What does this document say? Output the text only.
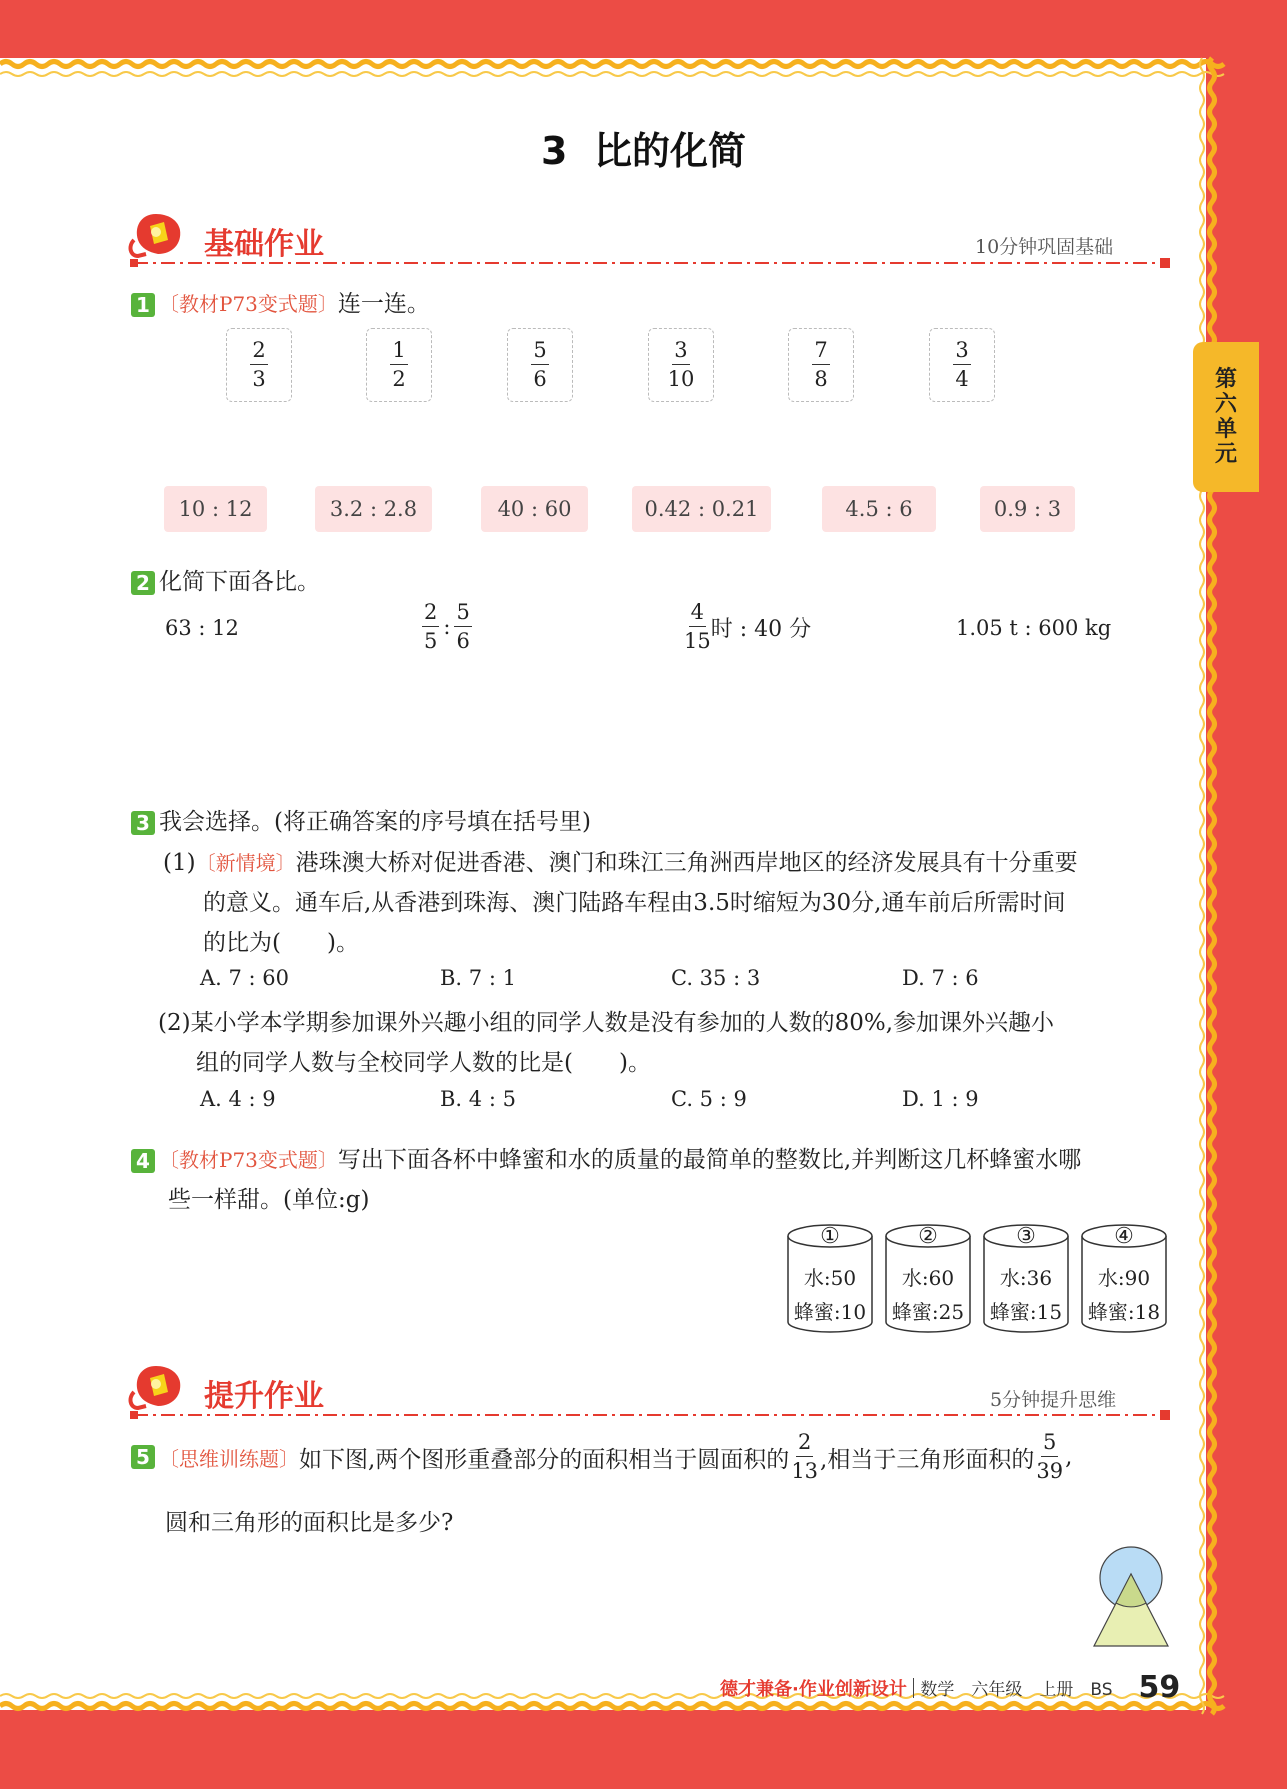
第
六
单
元
3  比的化简
基础作业	10分钟巩固基础
1 〔教材P73变式题〕连一连。
$\frac{2}{3}$	$\frac{1}{2}$	$\frac{5}{6}$	$\frac{3}{10}$	$\frac{7}{8}$	$\frac{3}{4}$
10 : 12	3.2 : 2.8	40 : 60	0.42 : 0.21	4.5 : 6	0.9 : 3
2 化简下面各比。
63 : 12	$\frac{2}{5}$ : $\frac{5}{6}$	$\frac{4}{15}$ 时 : 40 分	1.05 t : 600 kg
3 我会选择。(将正确答案的序号填在括号里)
(1)〔新情境〕港珠澳大桥对促进香港、澳门和珠江三角洲西岸地区的经济发展具有十分重要
的意义。通车后,从香港到珠海、澳门陆路车程由3.5时缩短为30分,通车前后所需时间
的比为(　　)。
A. 7 : 60	B. 7 : 1	C. 35 : 3	D. 7 : 6
(2)某小学本学期参加课外兴趣小组的同学人数是没有参加的人数的80%,参加课外兴趣小
组的同学人数与全校同学人数的比是(　　)。
A. 4 : 9	B. 4 : 5	C. 5 : 9	D. 1 : 9
4 〔教材P73变式题〕写出下面各杯中蜂蜜和水的质量的最简单的整数比,并判断这几杯蜂蜜水哪
些一样甜。(单位:g)
①
水:50
蜂蜜:10
②
水:60
蜂蜜:25
③
水:36
蜂蜜:15
④
水:90
蜂蜜:18
提升作业	5分钟提升思维
5 〔思维训练题〕 如下图,两个图形重叠部分的面积相当于圆面积的 $\frac{2}{13}$ ,相当于三角形面积的 $\frac{5}{39}$ ,
圆和三角形的面积比是多少?
德才兼备·作业创新设计 数学　六年级　上册　BS 59
